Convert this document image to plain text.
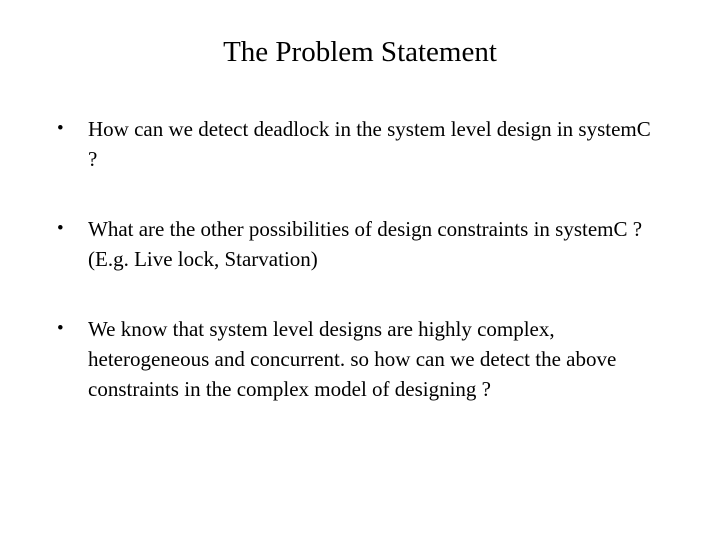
The Problem Statement
•	How can we detect deadlock in the system level design in systemC ?
•	What are the other possibilities of design constraints in systemC ? (E.g. Live lock, Starvation)
•	We know that system level designs are highly complex, heterogeneous and concurrent. so how can we detect the above constraints in the complex model of designing ?
